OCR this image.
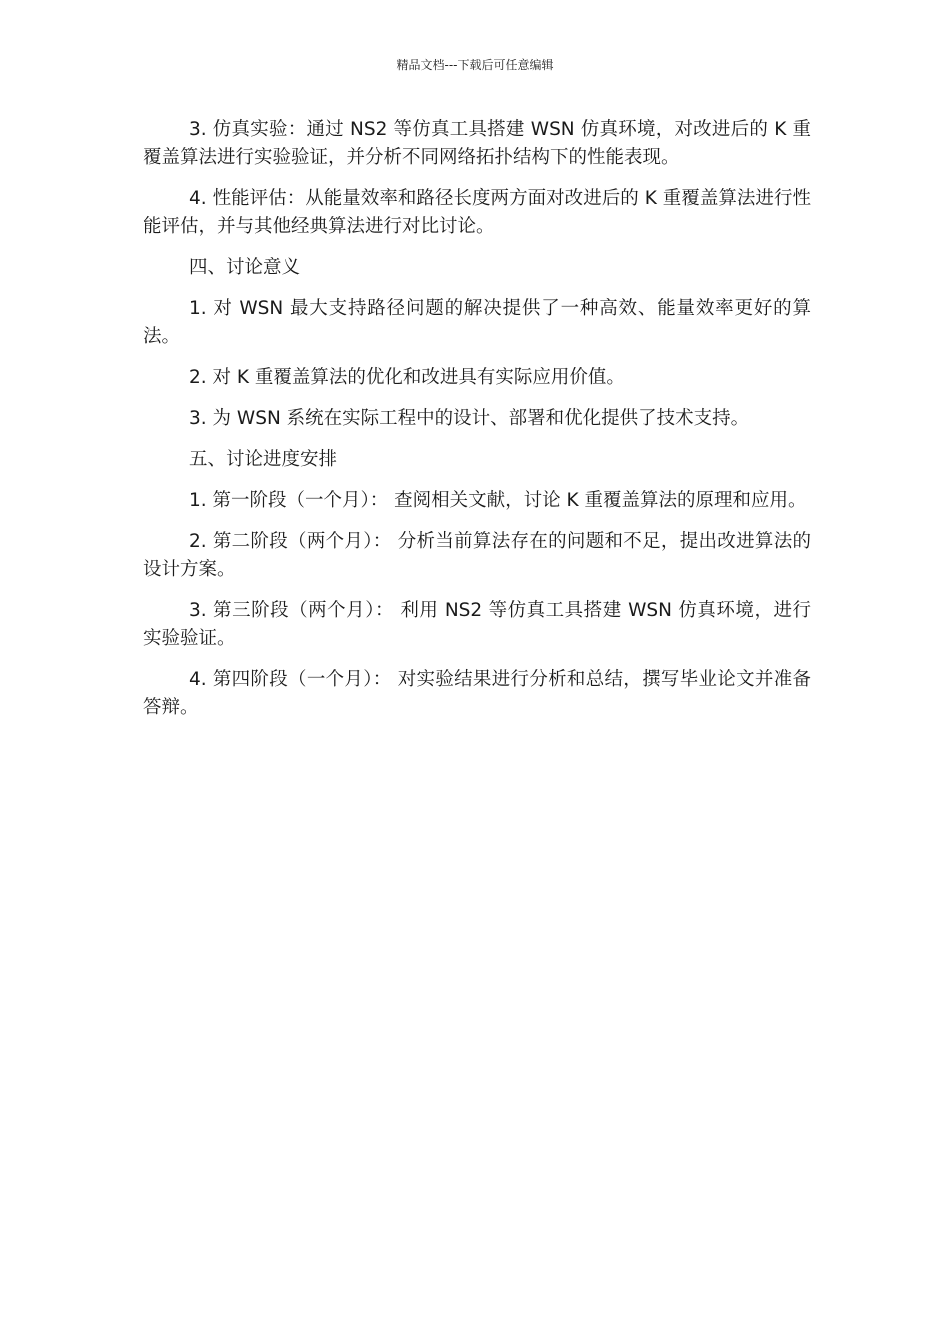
精品文档---下载后可任意编辑

3. 仿真实验：通过 NS2 等仿真工具搭建 WSN 仿真环境，对改进后的 K 重覆盖算法进行实验验证，并分析不同网络拓扑结构下的性能表现。

4. 性能评估：从能量效率和路径长度两方面对改进后的 K 重覆盖算法进行性能评估，并与其他经典算法进行对比讨论。

四、讨论意义

1. 对 WSN 最大支持路径问题的解决提供了一种高效、能量效率更好的算法。

2. 对 K 重覆盖算法的优化和改进具有实际应用价值。

3. 为 WSN 系统在实际工程中的设计、部署和优化提供了技术支持。

五、讨论进度安排

1. 第一阶段（一个月）： 查阅相关文献，讨论 K 重覆盖算法的原理和应用。

2. 第二阶段（两个月）： 分析当前算法存在的问题和不足，提出改进算法的设计方案。

3. 第三阶段（两个月）： 利用 NS2 等仿真工具搭建 WSN 仿真环境，进行实验验证。

4. 第四阶段（一个月）： 对实验结果进行分析和总结，撰写毕业论文并准备答辩。
